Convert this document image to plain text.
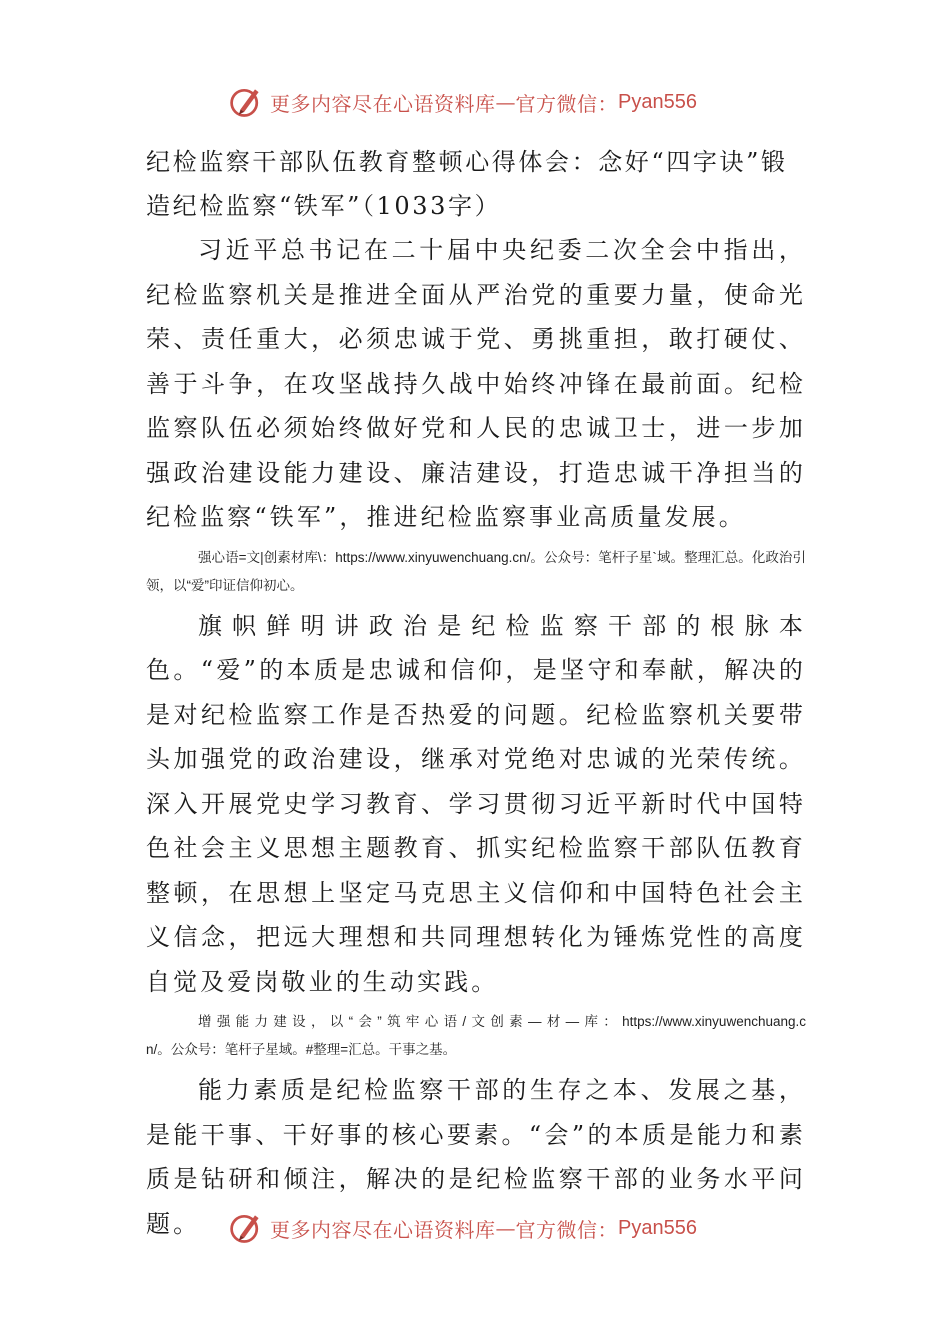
更多内容尽在心语资料库 — 官方微信： Pyan556
纪检监察干部队伍教育整顿心得体会：念好“四字诀”锻造纪检监察“铁军”（1033字）

习近平总书记在二十届中央纪委二次全会中指出，纪检监察机关是推进全面从严治党的重要力量，使命光荣、责任重大，必须忠诚于党、勇挑重担，敢打硬仗、善于斗争，在攻坚战持久战中始终冲锋在最前面。纪检监察队伍必须始终做好党和人民的忠诚卫士，进一步加强政治建设能力建设、廉洁建设，打造忠诚干净担当的纪检监察“铁军”，推进纪检监察事业高质量发展。

强心语=文|创素材库\：https://www.xinyuwenchuang.cn/。公众号：笔杆子星`域。整理汇总。化政治引领，以“爱”印证信仰初心。

旗帜鲜明讲政治是纪检监察干部的根脉本色。“爱”的本质是忠诚和信仰，是坚守和奉献，解决的是对纪检监察工作是否热爱的问题。纪检监察机关要带头加强党的政治建设，继承对党绝对忠诚的光荣传统。深入开展党史学习教育、学习贯彻习近平新时代中国特色社会主义思想主题教育、抓实纪检监察干部队伍教育整顿，在思想上坚定马克思主义信仰和中国特色社会主义信念，把远大理想和共同理想转化为锤炼党性的高度自觉及爱岗敬业的生动实践。

增强能力建设，以“会”筑牢心语/文创素—材—库：https://www.xinyuwenchuang.cn/。公众号：笔杆子星域。#整理=汇总。干事之基。

能力素质是纪检监察干部的生存之本、发展之基，是能干事、干好事的核心要素。“会”的本质是能力和素质是钻研和倾注，解决的是纪检监察干部的业务水平问题。	更多内容尽在心语资料库 — 官方微信： Pyan556
